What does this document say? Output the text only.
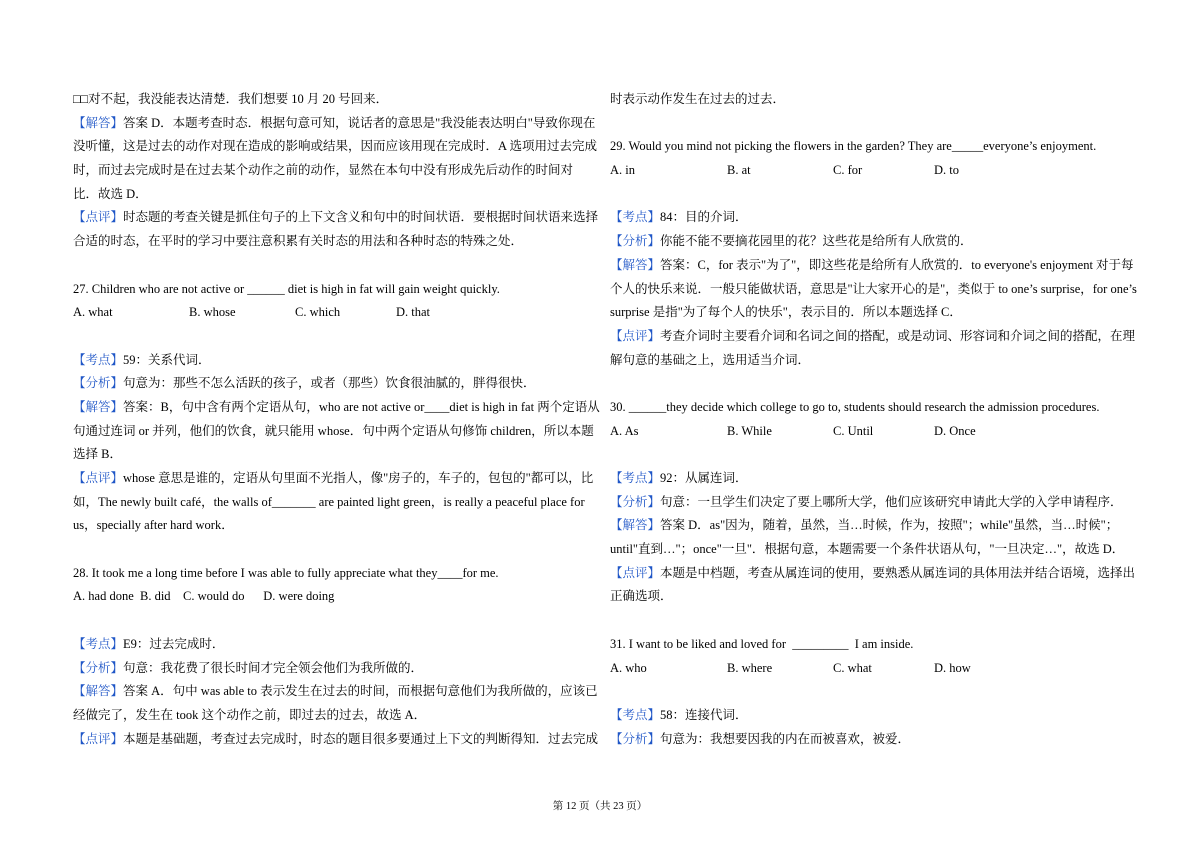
□□对不起，我没能表达清楚．我们想要 10 月 20 号回来．
【解答】答案 D．本题考查时态．根据句意可知，说话者的意思是"我没能表达明白"导致你现在
没听懂，这是过去的动作对现在造成的影响或结果，因而应该用现在完成时．A 选项用过去完成
时，而过去完成时是在过去某个动作之前的动作，显然在本句中没有形成先后动作的时间对
比．故选 D．
【点评】时态题的考查关键是抓住句子的上下文含义和句中的时间状语．要根据时间状语来选择
合适的时态，在平时的学习中要注意积累有关时态的用法和各种时态的特殊之处．
27. Children who are not active or ______ diet is high in fat will gain weight quickly.
A. what	B. whose	C. which	D. that
【考点】59：关系代词．
【分析】句意为：那些不怎么活跃的孩子，或者（那些）饮食很油腻的，胖得很快．
【解答】答案：B，句中含有两个定语从句，who are not active or____diet is high in fat 两个定语从
句通过连词 or 并列，他们的饮食，就只能用 whose．句中两个定语从句修饰 children，所以本题
选择 B．
【点评】whose 意思是谁的，定语从句里面不光指人，像"房子的，车子的，包包的"都可以，比
如，The newly built café，the walls of_______ are painted light green，is really a peaceful place for
us，specially after hard work．
28. It took me a long time before I was able to fully appreciate what they____for me.
A. had done  B. did    C. would do      D. were doing
【考点】E9：过去完成时．
【分析】句意：我花费了很长时间才完全领会他们为我所做的．
【解答】答案 A．句中 was able to 表示发生在过去的时间，而根据句意他们为我所做的，应该已
经做完了，发生在 took 这个动作之前，即过去的过去，故选 A．
【点评】本题是基础题，考查过去完成时，时态的题目很多要通过上下文的判断得知．过去完成
时表示动作发生在过去的过去．
29. Would you mind not picking the flowers in the garden? They are_____everyone’s enjoyment.
A. in	B. at	C. for	D. to
【考点】84：目的介词．
【分析】你能不能不要摘花园里的花？这些花是给所有人欣赏的．
【解答】答案：C，for 表示"为了"，即这些花是给所有人欣赏的．to everyone's enjoyment 对于每
个人的快乐来说．一般只能做状语，意思是"让大家开心的是"，类似于 to one’s surprise，for one’s
surprise 是指"为了每个人的快乐"，表示目的．所以本题选择 C．
【点评】考查介词时主要看介词和名词之间的搭配，或是动词、形容词和介词之间的搭配，在理
解句意的基础之上，选用适当介词．
30. ______they decide which college to go to, students should research the admission procedures.
A. As	B. While	C. Until	D. Once
【考点】92：从属连词．
【分析】句意：一旦学生们决定了要上哪所大学，他们应该研究申请此大学的入学申请程序．
【解答】答案 D．as"因为，随着，虽然，当…时候，作为，按照"；while"虽然，当…时候"；
until"直到…"；once"一旦"．根据句意，本题需要一个条件状语从句，"一旦决定…"，故选 D．
【点评】本题是中档题，考查从属连词的使用，要熟悉从属连词的具体用法并结合语境，选择出
正确选项．
31. I want to be liked and loved for  _________  I am inside.
A. who	B. where	C. what	D. how
【考点】58：连接代词．
【分析】句意为：我想要因我的内在而被喜欢，被爱．
第 12 页（共 23 页）
